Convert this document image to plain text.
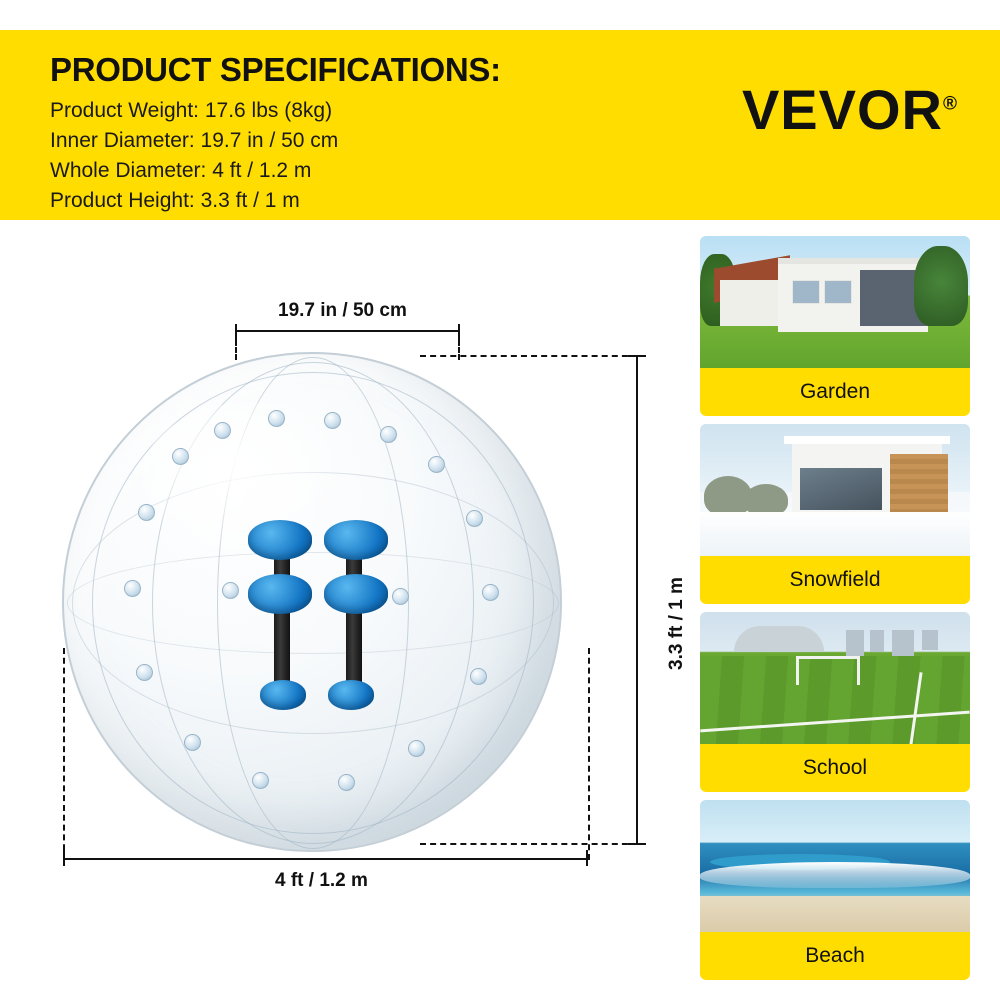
PRODUCT SPECIFICATIONS:
Product Weight: 17.6 lbs (8kg)
Inner Diameter: 19.7 in / 50 cm
Whole Diameter: 4 ft / 1.2 m
Product Height: 3.3 ft / 1 m
VEVOR®
19.7 in / 50 cm
3.3 ft / 1 m
4 ft / 1.2 m
Garden
Snowfield
School
Beach
